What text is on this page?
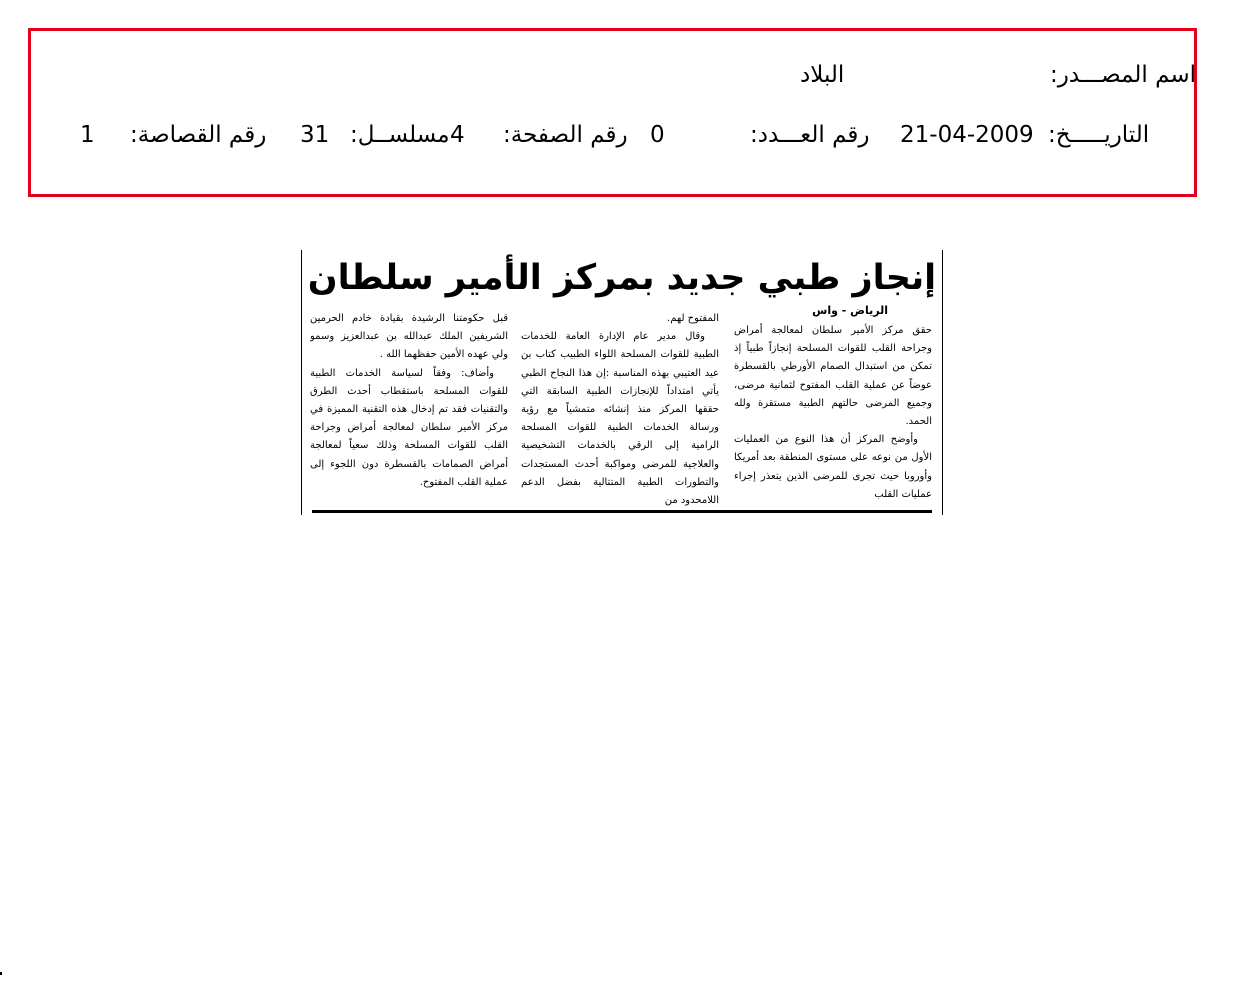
اسم المصـــدر:
البلاد
التاريـــــخ:
21-04-2009
رقم العـــدد:
0
رقم الصفحة:
4
مسلســل:
31
رقم القصاصة:
1
إنجاز طبي جديد بمركز الأمير سلطان
الرياض - واس

حقق مركز الأمير سلطان لمعالجة أمراض وجراحة القلب للقوات المسلحة إنجازاً طبياً إذ تمكن من استبدال الصمام الأورطي بالقسطرة عوضاً عن عملية القلب المفتوح لثمانية مرضى، وجميع المرضى حالتهم الطبية مستقرة ولله الحمد.

وأوضح المركز أن هذا النوع من العمليات الأول من نوعه على مستوى المنطقة بعد أمريكا وأوروبا حيث تجرى للمرضى الذين يتعذر إجراء عمليات القلب

المفتوح لهم.

وقال مدير عام الإدارة العامة للخدمات الطبية للقوات المسلحة اللواء الطبيب كتاب بن عيد العتيبي بهذه المناسبة :إن هذا النجاح الطبي يأتي امتداداً للإنجازات الطبية السابقة التي حققها المركز منذ إنشائه متمشياً مع رؤية ورسالة الخدمات الطبية للقوات المسلحة الرامية إلى الرقي بالخدمات التشخيصية والعلاجية للمرضى ومواكبة أحدث المستجدات والتطورات الطبية المتتالية بفضل الدعم اللامحدود من

قبل حكومتنا الرشيدة بقيادة خادم الحرمين الشريفين الملك عبدالله بن عبدالعزيز وسمو ولي عهده الأمين حفظهما الله .

وأضاف: وفقاً لسياسة الخدمات الطبية للقوات المسلحة باستقطاب أحدث الطرق والتقنيات فقد تم إدخال هذه التقنية المميزة في مركز الأمير سلطان لمعالجة أمراض وجراحة القلب للقوات المسلحة وذلك سعياً لمعالجة أمراض الصمامات بالقسطرة دون اللجوء إلى عملية القلب المفتوح.
